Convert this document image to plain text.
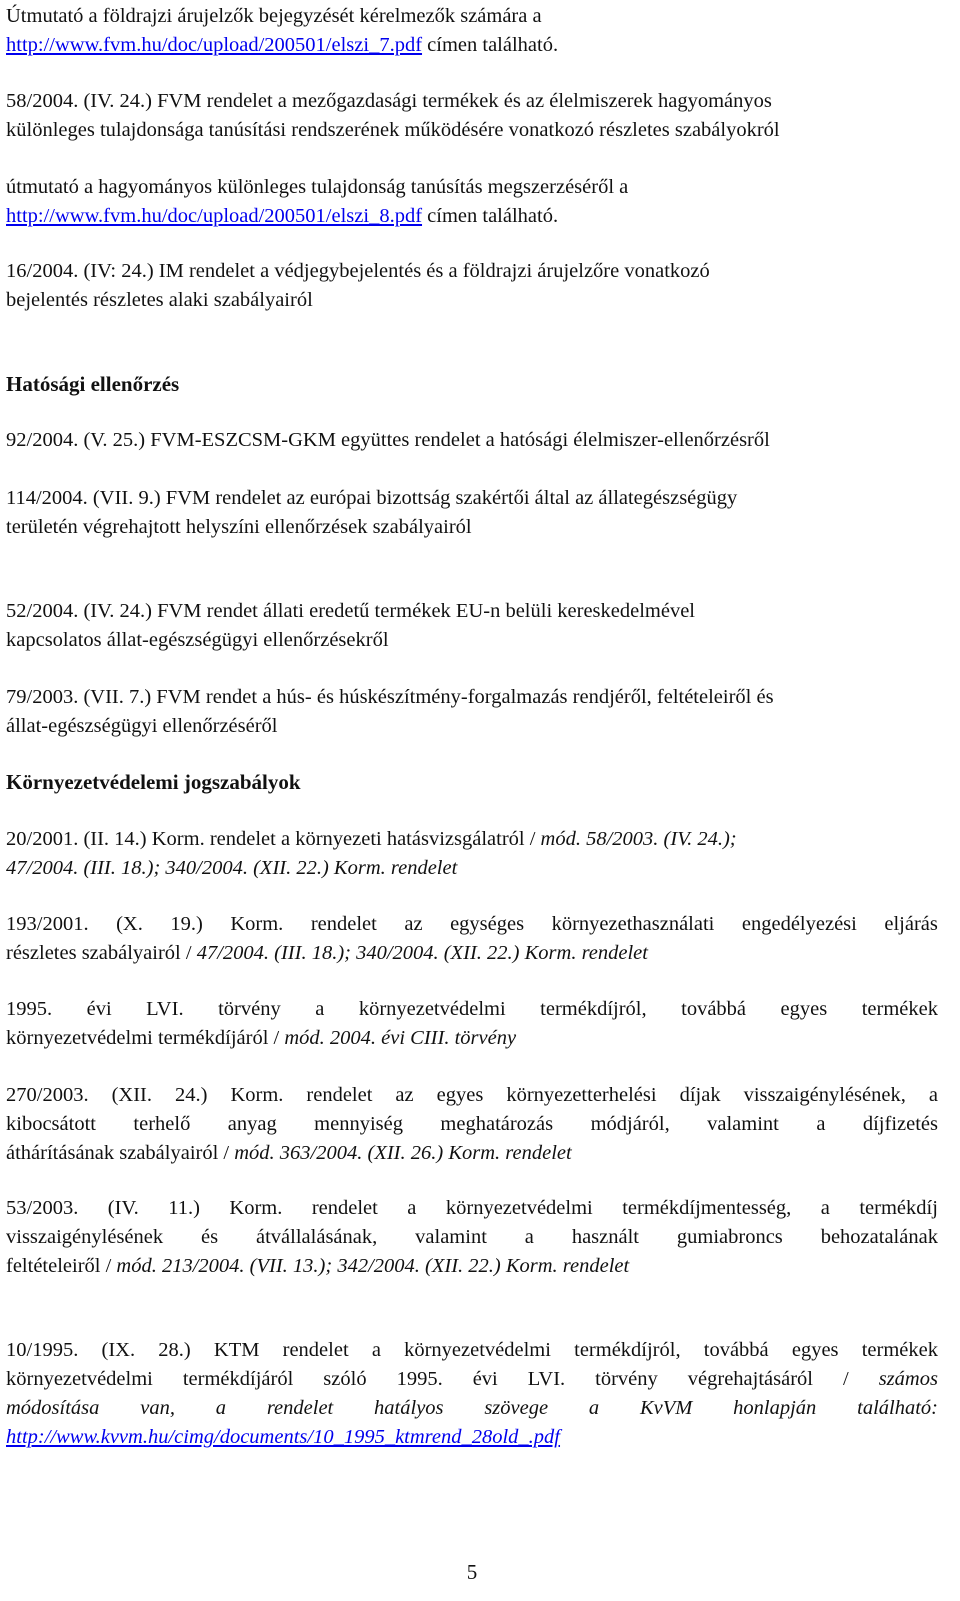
Útmutató a földrajzi árujelzők bejegyzését kérelmezők számára a
http://www.fvm.hu/doc/upload/200501/elszi_7.pdf címen található.
58/2004. (IV. 24.) FVM rendelet a mezőgazdasági termékek és az élelmiszerek hagyományos
különleges tulajdonsága tanúsítási rendszerének működésére vonatkozó részletes szabályokról
útmutató a hagyományos különleges tulajdonság tanúsítás megszerzéséről a
http://www.fvm.hu/doc/upload/200501/elszi_8.pdf címen található.
16/2004. (IV: 24.) IM rendelet a védjegybejelentés és a földrajzi árujelzőre vonatkozó
bejelentés részletes alaki szabályairól
Hatósági ellenőrzés
92/2004. (V. 25.) FVM-ESZCSM-GKM együttes rendelet a hatósági élelmiszer-ellenőrzésről
114/2004. (VII. 9.) FVM rendelet az európai bizottság szakértői által az állategészségügy
területén végrehajtott helyszíni ellenőrzések szabályairól
52/2004. (IV. 24.) FVM rendet állati eredetű termékek EU-n belüli kereskedelmével
kapcsolatos állat-egészségügyi ellenőrzésekről
79/2003. (VII. 7.) FVM rendet a hús- és húskészítmény-forgalmazás rendjéről, feltételeiről és
állat-egészségügyi ellenőrzéséről
Környezetvédelemi jogszabályok
20/2001. (II. 14.) Korm. rendelet a környezeti hatásvizsgálatról / mód. 58/2003. (IV. 24.);
47/2004. (III. 18.); 340/2004. (XII. 22.) Korm. rendelet
193/2001. (X. 19.) Korm. rendelet az egységes környezethasználati engedélyezési eljárás
részletes szabályairól / 47/2004. (III. 18.); 340/2004. (XII. 22.) Korm. rendelet
1995. évi LVI. törvény a környezetvédelmi termékdíjról, továbbá egyes termékek
környezetvédelmi termékdíjáról / mód. 2004. évi CIII. törvény
270/2003. (XII. 24.) Korm. rendelet az egyes környezetterhelési díjak visszaigénylésének, a
kibocsátott terhelő anyag mennyiség meghatározás módjáról, valamint a díjfizetés
áthárításának szabályairól / mód. 363/2004. (XII. 26.) Korm. rendelet
53/2003. (IV. 11.) Korm. rendelet a környezetvédelmi termékdíjmentesség, a termékdíj
visszaigénylésének és átvállalásának, valamint a használt gumiabroncs behozatalának
feltételeiről / mód. 213/2004. (VII. 13.); 342/2004. (XII. 22.) Korm. rendelet
10/1995. (IX. 28.) KTM rendelet a környezetvédelmi termékdíjról, továbbá egyes termékek
környezetvédelmi termékdíjáról szóló 1995. évi LVI. törvény végrehajtásáról / számos
módosítása van, a rendelet hatályos szövege a KvVM honlapján található:
http://www.kvvm.hu/cimg/documents/10_1995_ktmrend_28old_.pdf
5
